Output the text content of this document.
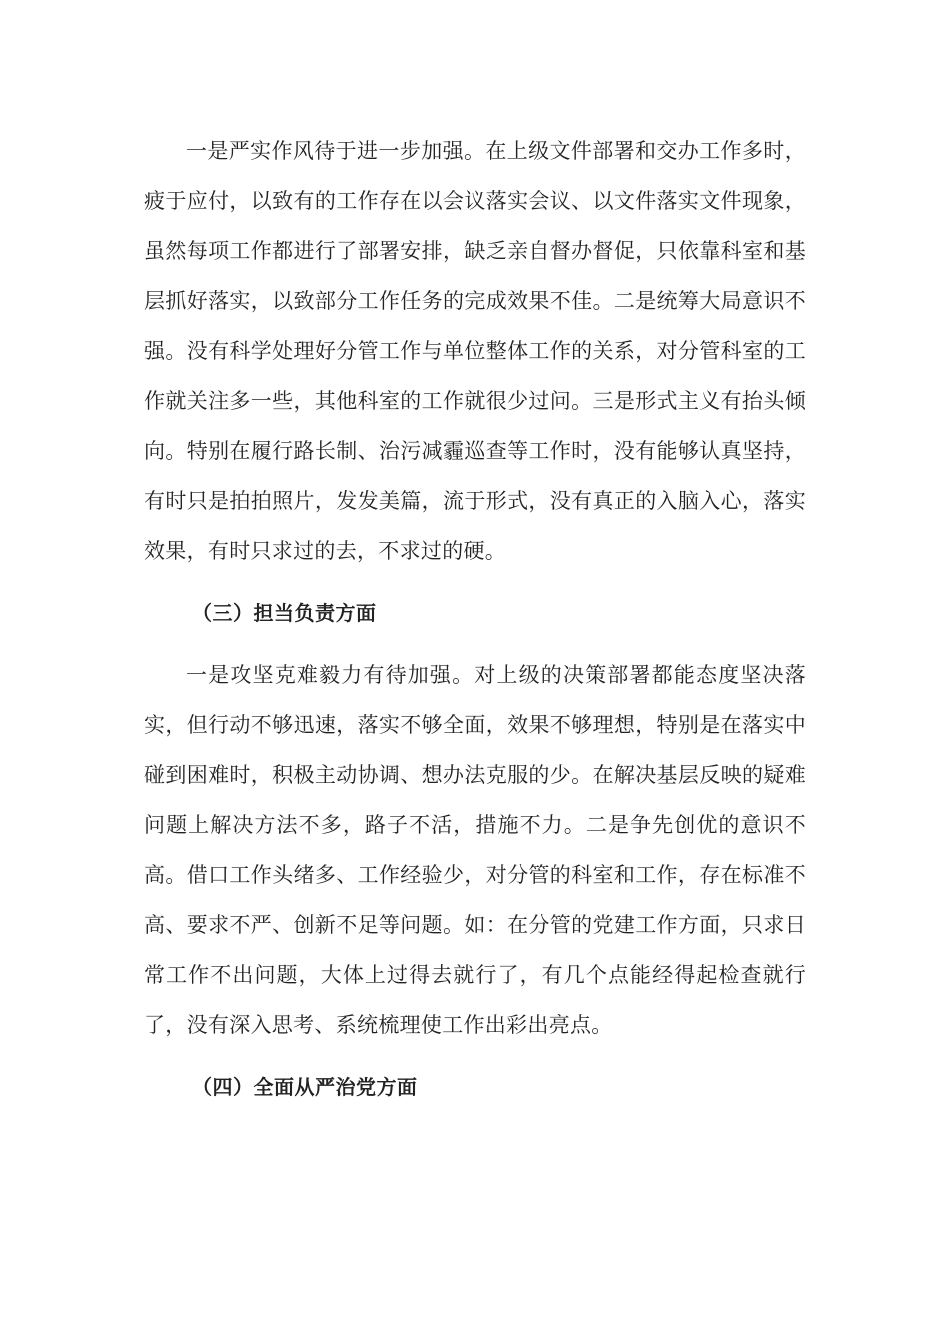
一是严实作风待于进一步加强。在上级文件部署和交办工作多时，疲于应付，以致有的工作存在以会议落实会议、以文件落实文件现象，虽然每项工作都进行了部署安排，缺乏亲自督办督促，只依靠科室和基层抓好落实，以致部分工作任务的完成效果不佳。二是统筹大局意识不强。没有科学处理好分管工作与单位整体工作的关系，对分管科室的工作就关注多一些，其他科室的工作就很少过问。三是形式主义有抬头倾向。特别在履行路长制、治污减霾巡查等工作时，没有能够认真坚持，有时只是拍拍照片，发发美篇，流于形式，没有真正的入脑入心，落实效果，有时只求过的去，不求过的硬。

（三）担当负责方面

一是攻坚克难毅力有待加强。对上级的决策部署都能态度坚决落实，但行动不够迅速，落实不够全面，效果不够理想，特别是在落实中碰到困难时，积极主动协调、想办法克服的少。在解决基层反映的疑难问题上解决方法不多，路子不活，措施不力。二是争先创优的意识不高。借口工作头绪多、工作经验少，对分管的科室和工作，存在标准不高、要求不严、创新不足等问题。如：在分管的党建工作方面，只求日常工作不出问题，大体上过得去就行了，有几个点能经得起检查就行了，没有深入思考、系统梳理使工作出彩出亮点。

（四）全面从严治党方面
